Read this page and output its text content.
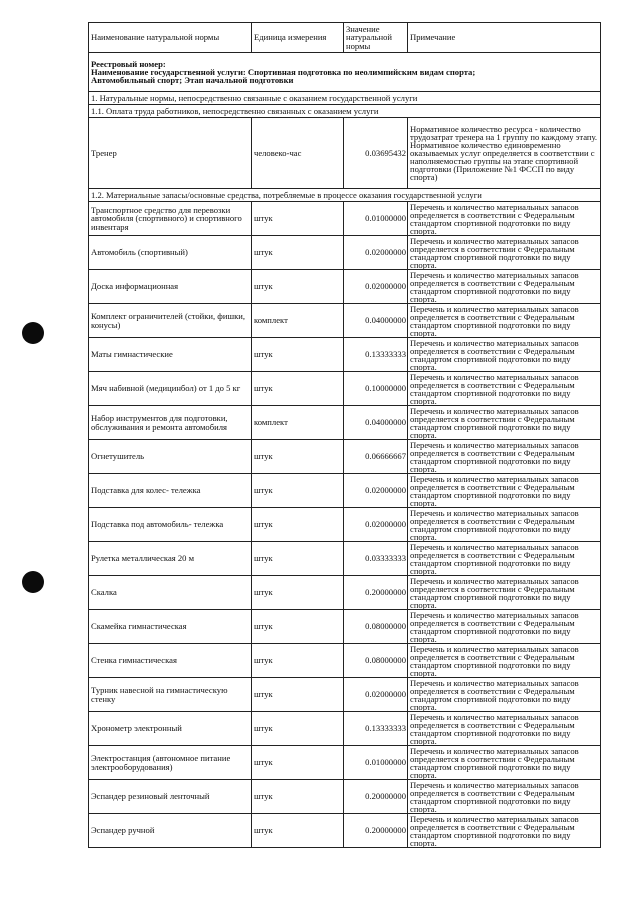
Наименование натуральной нормы	Единица измерения	Значение натуральной нормы	Примечание

Реестровый номер:
Наименование государственной услуги: Спортивная подготовка по неолимпийским видам спорта;
Автомобильный спорт; Этап начальной подготовки			

1. Натуральные нормы, непосредственно связанные с оказанием государственной услуги			
1.1. Оплата труда работников, непосредственно связанных с оказанием услуги			
Тренер	человеко-час	0.03695432	Нормативное количество ресурса - количество трудозатрат тренера на 1 группу по каждому этапу. Нормативное количество единовременно оказываемых услуг определяется в соответствии с наполняемостью группы на этапе спортивной подготовки (Приложение №1 ФССП по виду спорта)
1.2. Материальные запасы/основные средства, потребляемые в процессе оказания государственной услуги			
Транспортное средство для перевозки автомобиля (спортивного) и спортивного инвентаря	штук	0.01000000	Перечень и количество материальных запасов определяется в соответствии с Федеральным стандартом спортивной подготовки по виду спорта.
Автомобиль (спортивный)	штук	0.02000000	Перечень и количество материальных запасов определяется в соответствии с Федеральным стандартом спортивной подготовки по виду спорта.
Доска информационная	штук	0.02000000	Перечень и количество материальных запасов определяется в соответствии с Федеральным стандартом спортивной подготовки по виду спорта.
Комплект ограничителей (стойки, фишки, конусы)	комплект	0.04000000	Перечень и количество материальных запасов определяется в соответствии с Федеральным стандартом спортивной подготовки по виду спорта.
Маты гимнастические	штук	0.13333333	Перечень и количество материальных запасов определяется в соответствии с Федеральным стандартом спортивной подготовки по виду спорта.
Мяч набивной (медицинбол) от 1 до 5 кг	штук	0.10000000	Перечень и количество материальных запасов определяется в соответствии с Федеральным стандартом спортивной подготовки по виду спорта.
Набор инструментов для подготовки, обслуживания и ремонта автомобиля	комплект	0.04000000	Перечень и количество материальных запасов определяется в соответствии с Федеральным стандартом спортивной подготовки по виду спорта.
Огнетушитель	штук	0.06666667	Перечень и количество материальных запасов определяется в соответствии с Федеральным стандартом спортивной подготовки по виду спорта.
Подставка для колес- тележка	штук	0.02000000	Перечень и количество материальных запасов определяется в соответствии с Федеральным стандартом спортивной подготовки по виду спорта.
Подставка под автомобиль- тележка	штук	0.02000000	Перечень и количество материальных запасов определяется в соответствии с Федеральным стандартом спортивной подготовки по виду спорта.
Рулетка металлическая 20 м	штук	0.03333333	Перечень и количество материальных запасов определяется в соответствии с Федеральным стандартом спортивной подготовки по виду спорта.
Скалка	штук	0.20000000	Перечень и количество материальных запасов определяется в соответствии с Федеральным стандартом спортивной подготовки по виду спорта.
Скамейка гимнастическая	штук	0.08000000	Перечень и количество материальных запасов определяется в соответствии с Федеральным стандартом спортивной подготовки по виду спорта.
Стенка гимнастическая	штук	0.08000000	Перечень и количество материальных запасов определяется в соответствии с Федеральным стандартом спортивной подготовки по виду спорта.
Турник навесной на гимнастическую стенку	штук	0.02000000	Перечень и количество материальных запасов определяется в соответствии с Федеральным стандартом спортивной подготовки по виду спорта.
Хронометр электронный	штук	0.13333333	Перечень и количество материальных запасов определяется в соответствии с Федеральным стандартом спортивной подготовки по виду спорта.
Электростанция (автономное питание электрооборудования)	штук	0.01000000	Перечень и количество материальных запасов определяется в соответствии с Федеральным стандартом спортивной подготовки по виду спорта.
Эспандер резиновый ленточный	штук	0.20000000	Перечень и количество материальных запасов определяется в соответствии с Федеральным стандартом спортивной подготовки по виду спорта.
Эспандер ручной	штук	0.20000000	Перечень и количество материальных запасов определяется в соответствии с Федеральным стандартом спортивной подготовки по виду спорта.
